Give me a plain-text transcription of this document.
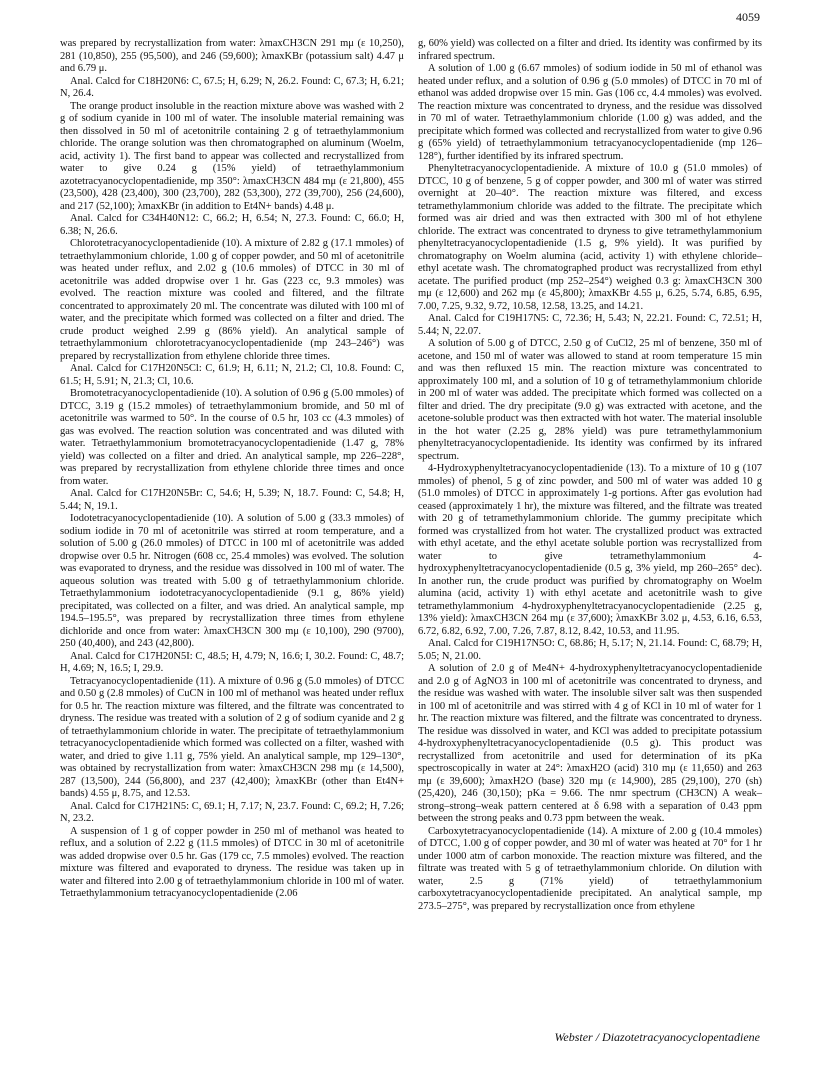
4059

was prepared by recrystallization from water: λmaxCH3CN 291 mμ (ε 10,250), 281 (10,850), 255 (95,500), and 246 (59,600); λmaxKBr (potassium salt) 4.47 μ and 6.79 μ.

Anal. Calcd for C18H20N6: C, 67.5; H, 6.29; N, 26.2. Found: C, 67.3; H, 6.21; N, 26.4.

The orange product insoluble in the reaction mixture above was washed with 2 g of sodium cyanide in 100 ml of water. The insoluble material remaining was then dissolved in 50 ml of acetonitrile containing 2 g of tetraethylammonium chloride. The orange solution was then chromatographed on aluminum (Woelm, acid, activity 1). The first band to appear was collected and recrystallized from water to give 0.24 g (15% yield) of tetraethylammonium azotetracyanocyclopentadienide, mp 350°: λmaxCH3CN 484 mμ (ε 21,800), 455 (23,500), 428 (23,400), 300 (23,700), 282 (53,300), 272 (39,700), 256 (24,600), and 217 (52,100); λmaxKBr (in addition to Et4N+ bands) 4.48 μ.

Anal. Calcd for C34H40N12: C, 66.2; H, 6.54; N, 27.3. Found: C, 66.0; H, 6.38; N, 26.6.

Chlorotetracyanocyclopentadienide (10). A mixture of 2.82 g (17.1 mmoles) of tetraethylammonium chloride, 1.00 g of copper powder, and 50 ml of acetonitrile was heated under reflux, and 2.02 g (10.6 mmoles) of DTCC in 30 ml of acetonitrile was added dropwise over 1 hr. Gas (223 cc, 9.3 mmoles) was evolved. The reaction mixture was cooled and filtered, and the filtrate concentrated to approximately 20 ml. The concentrate was diluted with 100 ml of water, and the precipitate which formed was collected on a filter and dried. The crude product weighed 2.99 g (86% yield). An analytical sample of tetraethylammonium chlorotetracyanocyclopentadienide (mp 243–246°) was prepared by recrystallization from ethylene chloride three times.

Anal. Calcd for C17H20N5Cl: C, 61.9; H, 6.11; N, 21.2; Cl, 10.8. Found: C, 61.5; H, 5.91; N, 21.3; Cl, 10.6.

Bromotetracyanocyclopentadienide (10). A solution of 0.96 g (5.00 mmoles) of DTCC, 3.19 g (15.2 mmoles) of tetraethylammonium bromide, and 50 ml of acetonitrile was warmed to 50°. In the course of 0.5 hr, 103 cc (4.3 mmoles) of gas was evolved. The reaction solution was concentrated and was diluted with water. Tetraethylammonium bromotetracyanocyclopentadienide (1.47 g, 78% yield) was collected on a filter and dried. An analytical sample, mp 226–228°, was prepared by recrystallization from ethylene chloride three times and once from water.

Anal. Calcd for C17H20N5Br: C, 54.6; H, 5.39; N, 18.7. Found: C, 54.8; H, 5.44; N, 19.1.

Iodotetracyanocyclopentadienide (10). A solution of 5.00 g (33.3 mmoles) of sodium iodide in 70 ml of acetonitrile was stirred at room temperature, and a solution of 5.00 g (26.0 mmoles) of DTCC in 100 ml of acetonitrile was added dropwise over 0.5 hr. Nitrogen (608 cc, 25.4 mmoles) was evolved. The solution was evaporated to dryness, and the residue was dissolved in 100 ml of water. The aqueous solution was treated with 5.00 g of tetraethylammonium chloride. Tetraethylammonium iodotetracyanocyclopentadienide (9.1 g, 86% yield) precipitated, was collected on a filter, and was dried. An analytical sample, mp 194.5–195.5°, was prepared by recrystallization three times from ethylene dichloride and once from water: λmaxCH3CN 300 mμ (ε 10,100), 290 (9700), 250 (40,400), and 243 (42,800).

Anal. Calcd for C17H20N5I: C, 48.5; H, 4.79; N, 16.6; I, 30.2. Found: C, 48.7; H, 4.69; N, 16.5; I, 29.9.

Tetracyanocyclopentadienide (11). A mixture of 0.96 g (5.0 mmoles) of DTCC and 0.50 g (2.8 mmoles) of CuCN in 100 ml of methanol was heated under reflux for 0.5 hr. The reaction mixture was filtered, and the filtrate was concentrated to dryness. The residue was treated with a solution of 2 g of sodium cyanide and 2 g of tetraethylammonium chloride in water. The precipitate of tetraethylammonium tetracyanocyclopentadienide which formed was collected on a filter, washed with water, and dried to give 1.11 g, 75% yield. An analytical sample, mp 129–130°, was obtained by recrystallization from water: λmaxCH3CN 298 mμ (ε 14,500), 287 (13,500), 244 (56,800), and 237 (42,400); λmaxKBr (other than Et4N+ bands) 4.55 μ, 8.75, and 12.53.

Anal. Calcd for C17H21N5: C, 69.1; H, 7.17; N, 23.7. Found: C, 69.2; H, 7.26; N, 23.2.

A suspension of 1 g of copper powder in 250 ml of methanol was heated to reflux, and a solution of 2.22 g (11.5 mmoles) of DTCC in 30 ml of acetonitrile was added dropwise over 0.5 hr. Gas (179 cc, 7.5 mmoles) evolved. The reaction mixture was filtered and evaporated to dryness. The residue was taken up in water and filtered into 2.00 g of tetraethylammonium chloride in 100 ml of water. Tetraethylammonium tetracyanocyclopentadienide (2.06

g, 60% yield) was collected on a filter and dried. Its identity was confirmed by its infrared spectrum.

A solution of 1.00 g (6.67 mmoles) of sodium iodide in 50 ml of ethanol was heated under reflux, and a solution of 0.96 g (5.0 mmoles) of DTCC in 70 ml of ethanol was added dropwise over 15 min. Gas (106 cc, 4.4 mmoles) was evolved. The reaction mixture was concentrated to dryness, and the residue was dissolved in 70 ml of water. Tetraethylammonium chloride (1.00 g) was added, and the precipitate which formed was collected and recrystallized from water to give 0.96 g (65% yield) of tetraethylammonium tetracyanocyclopentadienide (mp 126–128°), further identified by its infrared spectrum.

Phenyltetracyanocyclopentadienide. A mixture of 10.0 g (51.0 mmoles) of DTCC, 10 g of benzene, 5 g of copper powder, and 300 ml of water was stirred overnight at 20–40°. The reaction mixture was filtered, and excess tetramethylammonium chloride was added to the filtrate. The precipitate which formed was air dried and was then extracted with 300 ml of hot ethylene chloride. The extract was concentrated to dryness to give tetramethylammonium phenyltetracyanocyclopentadienide (1.5 g, 9% yield). It was purified by chromatography on Woelm alumina (acid, activity 1) with ethylene chloride–ethyl acetate wash. The chromatographed product was recrystallized from ethyl acetate. The purified product (mp 252–254°) weighed 0.3 g: λmaxCH3CN 300 mμ (ε 12,600) and 262 mμ (ε 45,800); λmaxKBr 4.55 μ, 6.25, 5.74, 6.85, 6.95, 7.00, 7.25, 9.32, 9.72, 10.58, 12.58, 13.25, and 14.21.

Anal. Calcd for C19H17N5: C, 72.36; H, 5.43; N, 22.21. Found: C, 72.51; H, 5.44; N, 22.07.

A solution of 5.00 g of DTCC, 2.50 g of CuCl2, 25 ml of benzene, 350 ml of acetone, and 150 ml of water was allowed to stand at room temperature 15 min and was then refluxed 15 min. The reaction mixture was concentrated to approximately 100 ml, and a solution of 10 g of tetramethylammonium chloride in 200 ml of water was added. The precipitate which formed was collected on a filter and dried. The dry precipitate (9.0 g) was extracted with acetone, and the acetone-soluble product was then extracted with hot water. The material insoluble in the hot water (2.25 g, 28% yield) was pure tetramethylammonium phenyltetracyanocyclopentadienide. Its identity was confirmed by its infrared spectrum.

4-Hydroxyphenyltetracyanocyclopentadienide (13). To a mixture of 10 g (107 mmoles) of phenol, 5 g of zinc powder, and 500 ml of water was added 10 g (51.0 mmoles) of DTCC in approximately 1-g portions. After gas evolution had ceased (approximately 1 hr), the mixture was filtered, and the filtrate was treated with 20 g of tetramethylammonium chloride. The gummy precipitate which formed was crystallized from hot water. The crystallized product was extracted with ethyl acetate, and the ethyl acetate soluble portion was recrystallized from water to give tetramethylammonium 4-hydroxyphenyltetracyanocyclopentadienide (0.5 g, 3% yield, mp 260–265° dec). In another run, the crude product was purified by chromatography on Woelm alumina (acid, activity 1) with ethyl acetate and acetonitrile wash to give tetramethylammonium 4-hydroxyphenyltetracyanocyclopentadienide (2.25 g, 13% yield): λmaxCH3CN 264 mμ (ε 37,600); λmaxKBr 3.02 μ, 4.53, 6.16, 6.53, 6.72, 6.82, 6.92, 7.00, 7.26, 7.87, 8.12, 8.42, 10.53, and 11.95.

Anal. Calcd for C19H17N5O: C, 68.86; H, 5.17; N, 21.14. Found: C, 68.79; H, 5.05; N, 21.00.

A solution of 2.0 g of Me4N+ 4-hydroxyphenyltetracyanocyclopentadienide and 2.0 g of AgNO3 in 100 ml of acetonitrile was concentrated to dryness, and the residue was washed with water. The insoluble silver salt was then suspended in 100 ml of acetonitrile and was stirred with 4 g of KCl in 10 ml of water for 1 hr. The reaction mixture was filtered, and the filtrate was concentrated to dryness. The residue was dissolved in water, and KCl was added to precipitate potassium 4-hydroxyphenyltetracyanocyclopentadienide (0.5 g). This product was recrystallized from acetonitrile and used for determination of its pKa spectroscopically in water at 24°: λmaxH2O (acid) 310 mμ (ε 11,650) and 263 mμ (ε 39,600); λmaxH2O (base) 320 mμ (ε 14,900), 285 (29,100), 270 (sh) (25,420), 246 (30,150); pKa = 9.66. The nmr spectrum (CH3CN) A weak–strong–strong–weak pattern centered at δ 6.98 with a separation of 0.43 ppm between the strong peaks and 0.73 ppm between the weak.

Carboxytetracyanocyclopentadienide (14). A mixture of 2.00 g (10.4 mmoles) of DTCC, 1.00 g of copper powder, and 30 ml of water was heated at 70° for 1 hr under 1000 atm of carbon monoxide. The reaction mixture was filtered, and the filtrate was treated with 5 g of tetraethylammonium chloride. On dilution with water, 2.5 g (71% yield) of tetraethylammonium carboxytetracyanocyclopentadienide precipitated. An analytical sample, mp 273.5–275°, was prepared by recrystallization once from ethylene

Webster / Diazotetracyanocyclopentadiene
